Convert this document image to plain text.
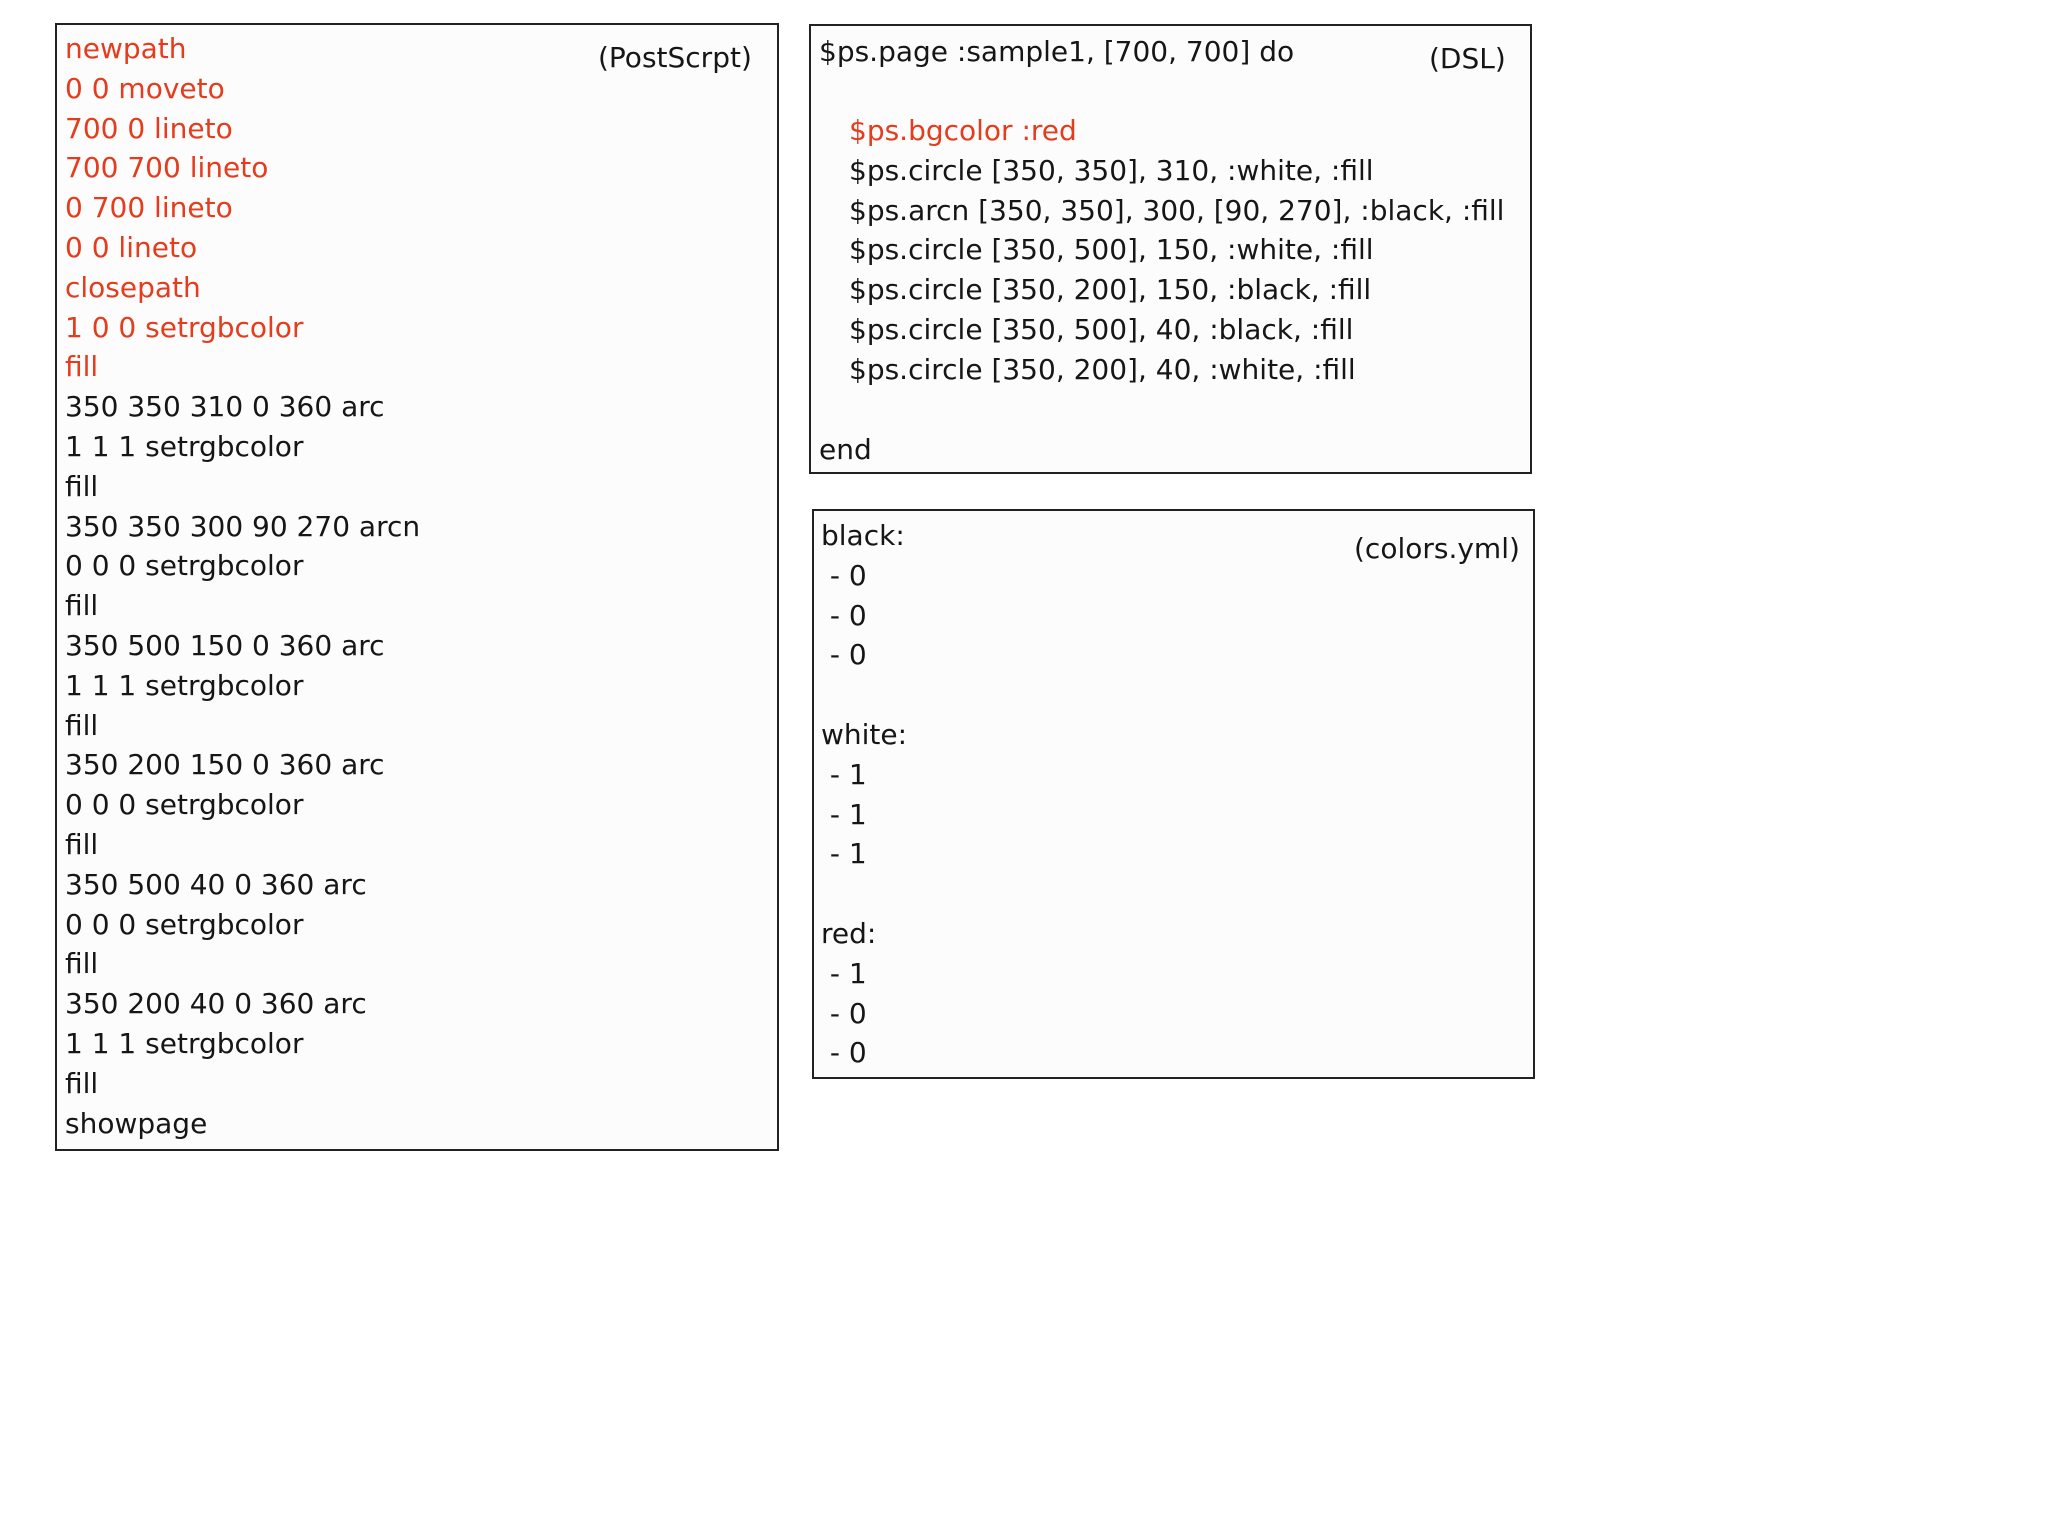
(PostScrpt)
newpath
0 0 moveto
700 0 lineto
700 700 lineto
0 700 lineto
0 0 lineto
closepath
1 0 0 setrgbcolor
fill
350 350 310 0 360 arc
1 1 1 setrgbcolor
fill
350 350 300 90 270 arcn
0 0 0 setrgbcolor
fill
350 500 150 0 360 arc
1 1 1 setrgbcolor
fill
350 200 150 0 360 arc
0 0 0 setrgbcolor
fill
350 500 40 0 360 arc
0 0 0 setrgbcolor
fill
350 200 40 0 360 arc
1 1 1 setrgbcolor
fill
showpage
(DSL)
$ps.page :sample1, [700, 700] do
$ps.bgcolor :red
$ps.circle [350, 350], 310, :white, :fill
$ps.arcn [350, 350], 300, [90, 270], :black, :fill
$ps.circle [350, 500], 150, :white, :fill
$ps.circle [350, 200], 150, :black, :fill
$ps.circle [350, 500], 40, :black, :fill
$ps.circle [350, 200], 40, :white, :fill
end
(colors.yml)
black:
- 0
- 0
- 0
white:
- 1
- 1
- 1
red:
- 1
- 0
- 0
